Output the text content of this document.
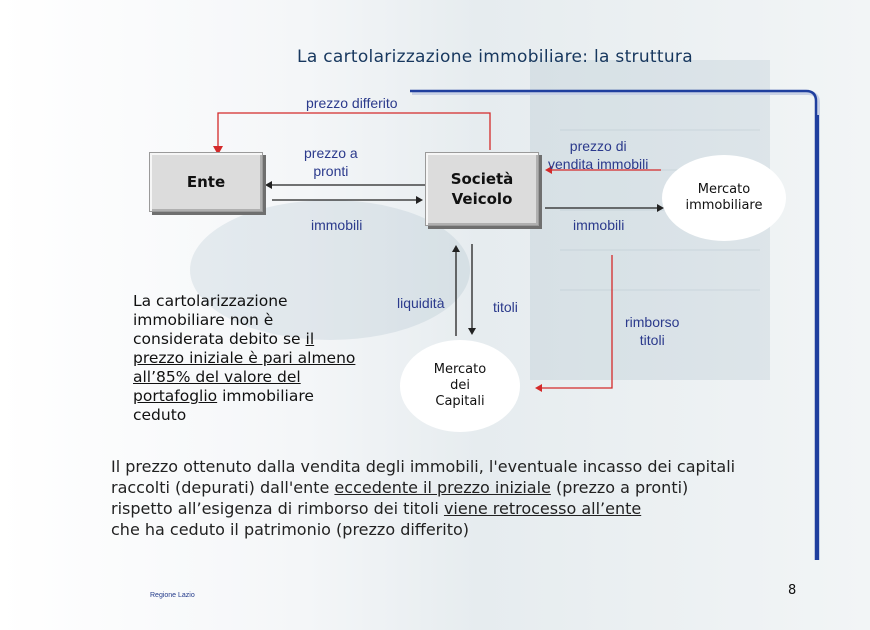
La cartolarizzazione immobiliare: la struttura
prezzo differito
prezzo a
pronti
immobili
prezzo di
vendita immobili
immobili
liquidità	titoli
rimborso
titoli
Ente	Società
Veicolo
Mercato
immobiliare
Mercato
dei
Capitali
La cartolarizzazione
immobiliare non è
considerata debito se il
prezzo iniziale è pari almeno
all’85% del valore del
portafoglio immobiliare
ceduto
Il prezzo ottenuto dalla vendita degli immobili, l'eventuale incasso dei capitali
raccolti (depurati) dall'ente eccedente il prezzo iniziale (prezzo a pronti)
rispetto all’esigenza di rimborso dei titoli viene retrocesso all’ente
che ha ceduto il patrimonio (prezzo differito)
Regione Lazio	8
